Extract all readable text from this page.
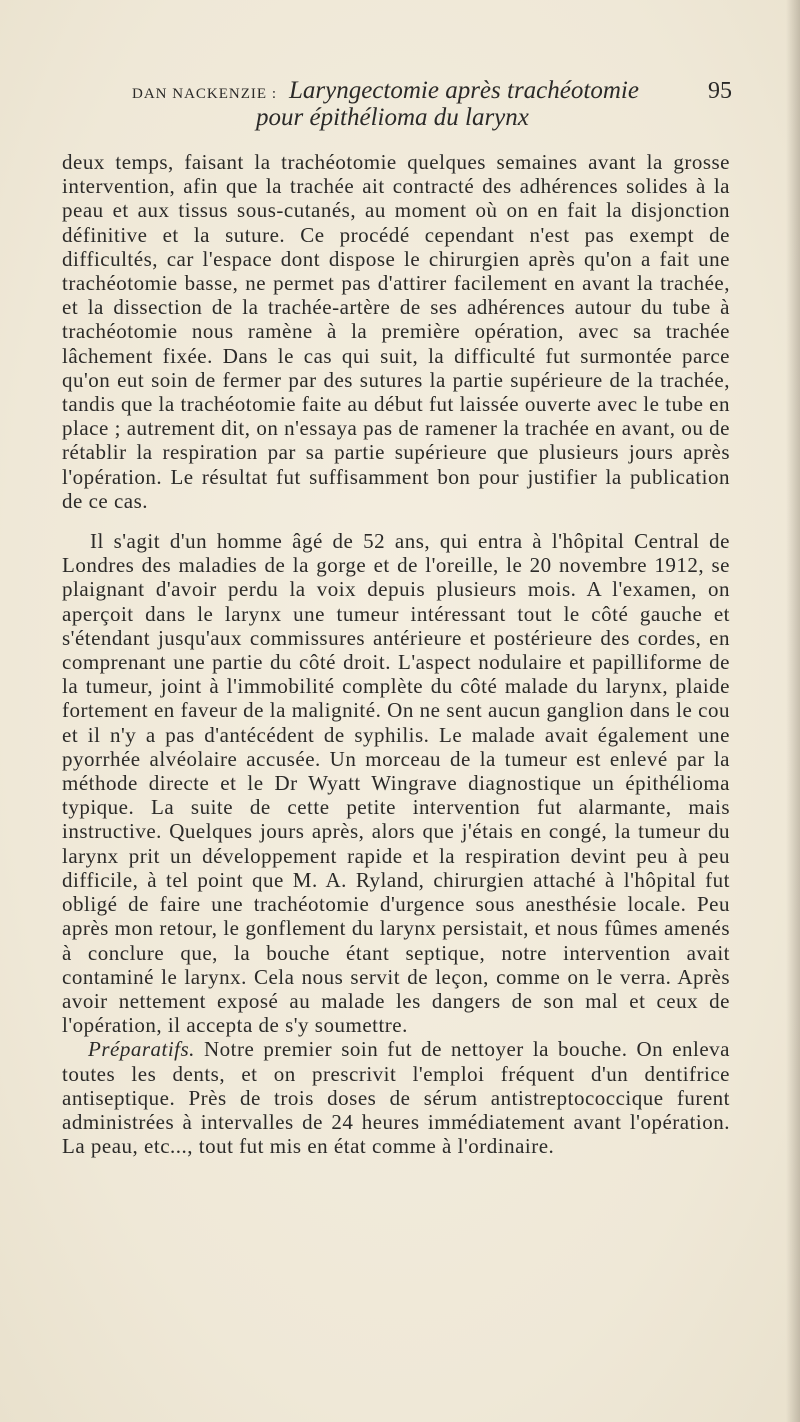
DAN NACKENZIE : Laryngectomie après trachéotomie	95
pour épithélioma du larynx

deux temps, faisant la trachéotomie quelques semaines avant la grosse intervention, afin que la trachée ait contracté des adhérences solides à la peau et aux tissus sous-cutanés, au moment où on en fait la disjonction définitive et la suture. Ce procédé cependant n'est pas exempt de difficultés, car l'espace dont dispose le chirurgien après qu'on a fait une trachéotomie basse, ne permet pas d'attirer facilement en avant la trachée, et la dissection de la trachée-artère de ses adhérences autour du tube à trachéotomie nous ramène à la première opération, avec sa trachée lâchement fixée. Dans le cas qui suit, la difficulté fut surmontée parce qu'on eut soin de fermer par des sutures la partie supérieure de la trachée, tandis que la trachéotomie faite au début fut laissée ouverte avec le tube en place ; autrement dit, on n'essaya pas de ramener la trachée en avant, ou de rétablir la respiration par sa partie supérieure que plusieurs jours après l'opération. Le résultat fut suffisamment bon pour justifier la publication de ce cas.

Il s'agit d'un homme âgé de 52 ans, qui entra à l'hôpital Central de Londres des maladies de la gorge et de l'oreille, le 20 novembre 1912, se plaignant d'avoir perdu la voix depuis plusieurs mois. A l'examen, on aperçoit dans le larynx une tumeur intéressant tout le côté gauche et s'étendant jusqu'aux commissures antérieure et postérieure des cordes, en comprenant une partie du côté droit. L'aspect nodulaire et papilliforme de la tumeur, joint à l'immobilité complète du côté malade du larynx, plaide fortement en faveur de la malignité. On ne sent aucun ganglion dans le cou et il n'y a pas d'antécédent de syphilis. Le malade avait également une pyorrhée alvéolaire accusée. Un morceau de la tumeur est enlevé par la méthode directe et le Dr Wyatt Wingrave diagnostique un épithélioma typique. La suite de cette petite intervention fut alarmante, mais instructive. Quelques jours après, alors que j'étais en congé, la tumeur du larynx prit un développement rapide et la respiration devint peu à peu difficile, à tel point que M. A. Ryland, chirurgien attaché à l'hôpital fut obligé de faire une trachéotomie d'urgence sous anesthésie locale. Peu après mon retour, le gonflement du larynx persistait, et nous fûmes amenés à conclure que, la bouche étant septique, notre intervention avait contaminé le larynx. Cela nous servit de leçon, comme on le verra. Après avoir nettement exposé au malade les dangers de son mal et ceux de l'opération, il accepta de s'y soumettre.

Préparatifs. Notre premier soin fut de nettoyer la bouche. On enleva toutes les dents, et on prescrivit l'emploi fréquent d'un dentifrice antiseptique. Près de trois doses de sérum antistreptococcique furent administrées à intervalles de 24 heures immédiatement avant l'opération. La peau, etc..., tout fut mis en état comme à l'ordinaire.
